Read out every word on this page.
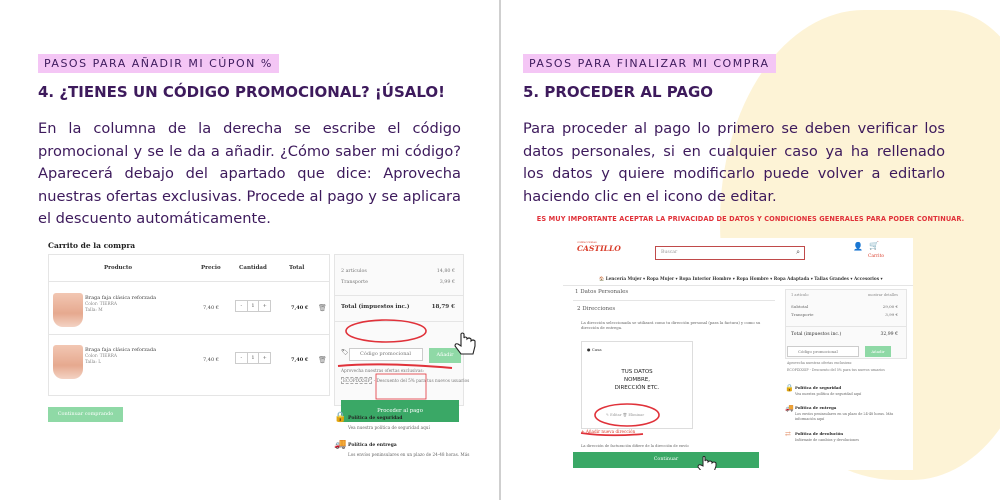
PASOS PARA AÑADIR MI CÚPON %
4. ¿TIENES UN CÓDIGO PROMOCIONAL? ¡ÚSALO!
En la columna de la derecha se escribe el código promocional y se le da a añadir. ¿Cómo saber mi código? Aparecerá debajo del apartado que dice: Aprovecha nuestras ofertas exclusivas. Procede al pago y se aplicara el descuento automáticamente.
Carrito de la compra
Producto	Precio	Cantidad	Total
Braga faja clásica reforzada
Color: TIERRA
Talla: M	7,40 €	-	1	+	7,40 € 🗑
Braga faja clásica reforzada
Color: TIERRA
Talla: L	7,40 €	-	1	+	7,40 € 🗑
2 artículos	14,80 €
Transporte	3,99 €
Total (impuestos inc.)	18,79 €
🏷	Código promocional	Añadir
Aprovecha nuestras ofertas exclusivas:
ECOPIXXSIP - Descuento del 5% para tus nuevos usuarios
Proceder al pago
Continuar comprando	🔒 Política de seguridad
Vea nuestra política de seguridad aquí
🚚 Política de entrega
Los envíos peninsulares en un plazo de 24-48 horas. Más
PASOS PARA FINALIZAR MI COMPRA
5. PROCEDER AL PAGO
Para proceder al pago lo primero se deben verificar los datos personales, si en cualquier caso ya ha rellenado los datos y quiere modificarlo puede volver a editarlo haciendo clic en el icono de editar.
ES MUY IMPORTANTE ACEPTAR LA PRIVACIDAD DE DATOS Y CONDICIONES GENERALES PARA PODER CONTINUAR.
confecciones
CASTILLO	Buscar	⌕
👤 🛒
Carrito
🏠 Lencería Mujer ▾ Ropa Mujer ▾ Ropa Interior Hombre ▾ Ropa Hombre ▾ Ropa Adaptada ▾ Tallas Grandes ▾ Accesorios ▾
1 Datos Personales
2 Direcciones
La dirección seleccionada se utilizará como tu dirección personal (para la factura) y como su dirección de entrega.
● Casa
TUS DATOS
NOMBRE,
DIRECCIÓN ETC.
✎ Editar 🗑 Eliminar
+ Añadir nueva dirección
La dirección de facturación difiere de la dirección de envío
Continuar
1 artículo	mostrar detalles
Subtotal	29,00 €
Transporte	3,99 €
Total (impuestos inc.)	32,99 €
Código promocional	Añadir
Aprovecha nuestras ofertas exclusivas:
ECOPIXXSIP - Descuento del 5% para tus nuevos usuarios
🔒 Política de seguridad
Vea nuestra política de seguridad aquí
🚚 Política de entrega
Los envíos peninsulares en un plazo de 24-48 horas. Más información aquí
⇄ Política de devolución
Infórmate de cambios y devoluciones
